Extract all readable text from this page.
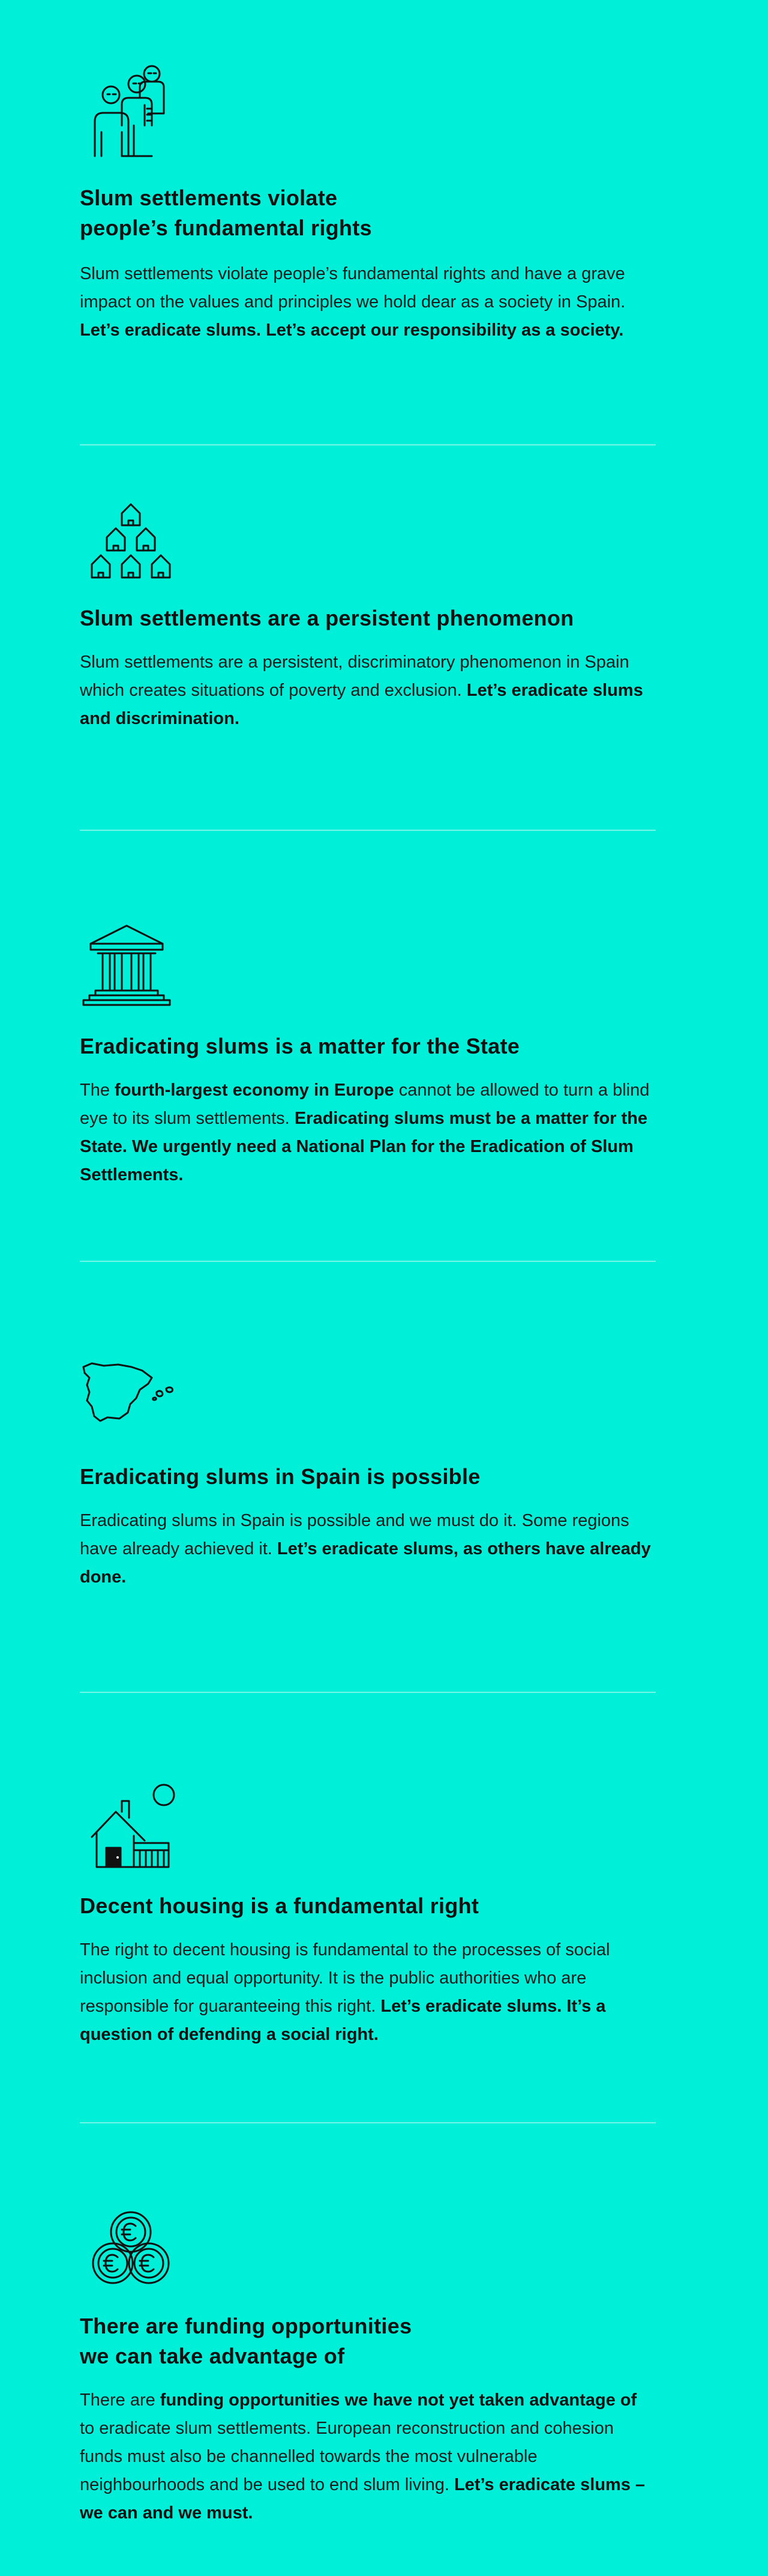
Slum settlements violate
people’s fundamental rights

Slum settlements violate people’s fundamental rights and have a grave impact on the values and principles we hold dear as a society in Spain. Let’s eradicate slums. Let’s accept our responsibility as a society.

Slum settlements are a persistent phenomenon

Slum settlements are a persistent, discriminatory phenomenon in Spain which creates situations of poverty and exclusion. Let’s eradicate slums and discrimination.

Eradicating slums is a matter for the State

The fourth-largest economy in Europe cannot be allowed to turn a blind eye to its slum settlements. Eradicating slums must be a matter for the State. We urgently need a National Plan for the Eradication of Slum Settlements.

Eradicating slums in Spain is possible

Eradicating slums in Spain is possible and we must do it. Some regions have already achieved it. Let’s eradicate slums, as others have already done.

Decent housing is a fundamental right

The right to decent housing is fundamental to the processes of social inclusion and equal opportunity. It is the public authorities who are responsible for guaranteeing this right. Let’s eradicate slums. It’s a question of defending a social right.

There are funding opportunities
we can take advantage of

There are funding opportunities we have not yet taken advantage of to eradicate slum settlements. European reconstruction and cohesion funds must also be channelled towards the most vulnerable neighbourhoods and be used to end slum living. Let’s eradicate slums – we can and we must.
